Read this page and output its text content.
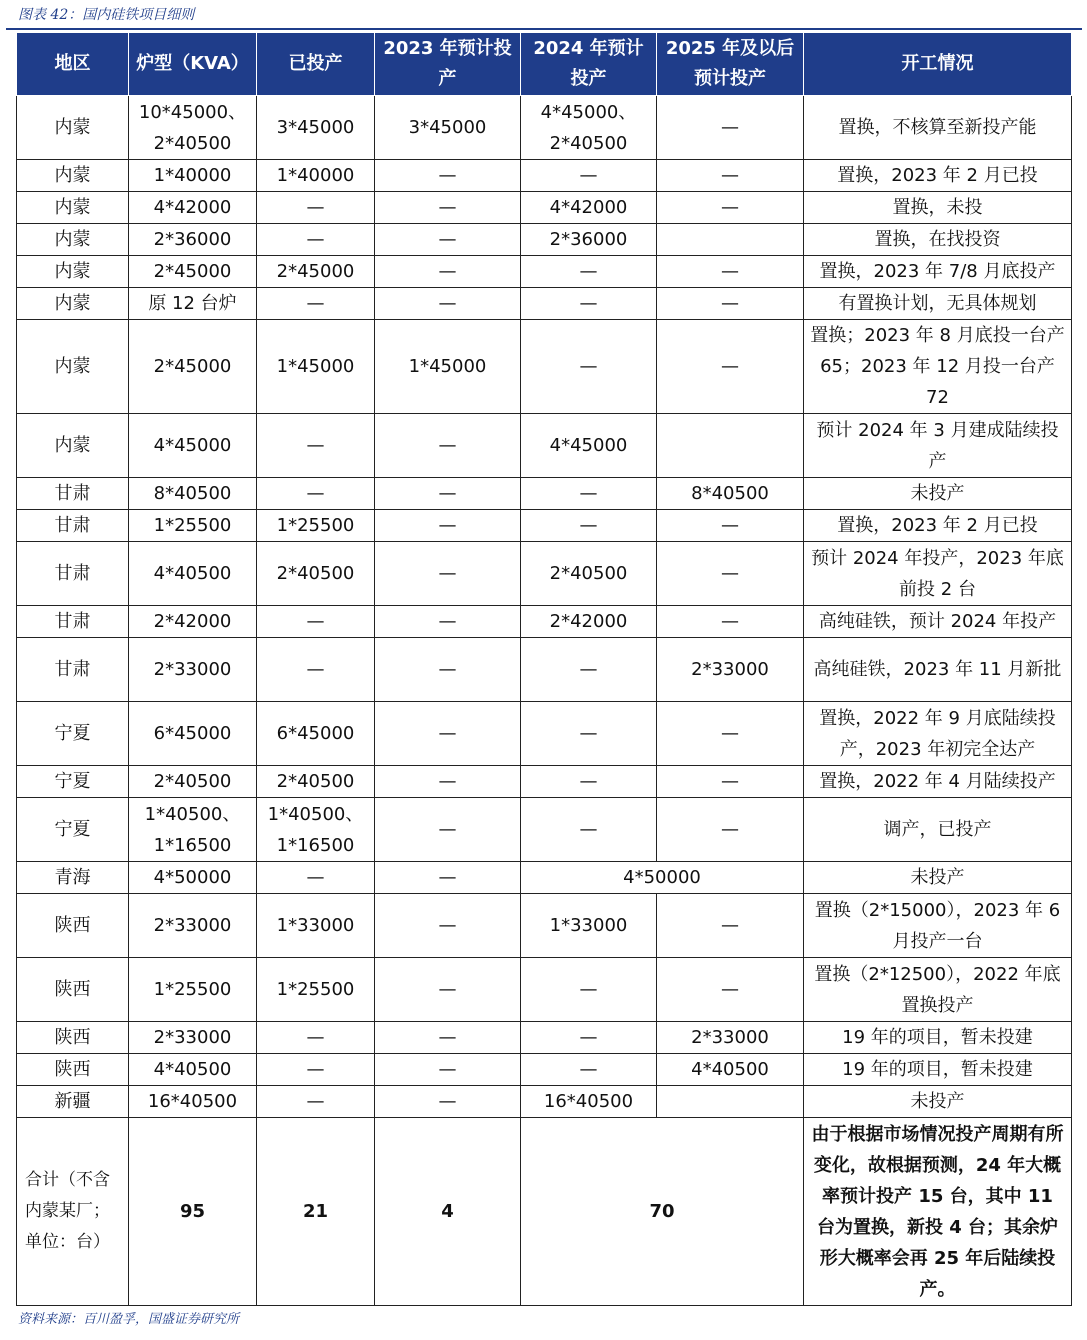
图表 42：国内硅铁项目细则
地区	炉型（KVA）	已投产	2023 年预计投产	2024 年预计投产	2025 年及以后预计投产	开工情况
内蒙	10*45000、2*40500	3*45000	3*45000	4*45000、2*40500	—	置换，不核算至新投产能
内蒙	1*40000	1*40000	—	—	—	置换，2023 年 2 月已投
内蒙	4*42000	—	—	4*42000	—	置换，未投
内蒙	2*36000	—	—	2*36000		置换，在找投资
内蒙	2*45000	2*45000	—	—	—	置换，2023 年 7/8 月底投产
内蒙	原 12 台炉	—	—	—	—	有置换计划，无具体规划
内蒙	2*45000	1*45000	1*45000	—	—	置换；2023 年 8 月底投一台产 65；2023 年 12 月投一台产 72
内蒙	4*45000	—	—	4*45000		预计 2024 年 3 月建成陆续投产
甘肃	8*40500	—	—	—	8*40500	未投产
甘肃	1*25500	1*25500	—	—	—	置换，2023 年 2 月已投
甘肃	4*40500	2*40500	—	2*40500	—	预计 2024 年投产，2023 年底前投 2 台
甘肃	2*42000	—	—	2*42000	—	高纯硅铁，预计 2024 年投产
甘肃	2*33000	—	—	—	2*33000	高纯硅铁，2023 年 11 月新批
宁夏	6*45000	6*45000	—	—	—	置换，2022 年 9 月底陆续投产，2023 年初完全达产
宁夏	2*40500	2*40500	—	—	—	置换，2022 年 4 月陆续投产
宁夏	1*40500、1*16500	1*40500、1*16500	—	—	—	调产，已投产
青海	4*50000	—	—	4*50000		未投产
陕西	2*33000	1*33000	—	1*33000	—	置换（2*15000），2023 年 6 月投产一台
陕西	1*25500	1*25500	—	—	—	置换（2*12500），2022 年底置换投产
陕西	2*33000	—	—	—	2*33000	19 年的项目，暂未投建
陕西	4*40500	—	—	—	4*40500	19 年的项目，暂未投建
新疆	16*40500	—	—	16*40500		未投产
合计（不含内蒙某厂；单位：台）	95	21	4	70		由于根据市场情况投产周期有所变化，故根据预测，24 年大概率预计投产 15 台，其中 11 台为置换，新投 4 台；其余炉形大概率会再 25 年后陆续投产。
资料来源：百川盈孚，国盛证券研究所
